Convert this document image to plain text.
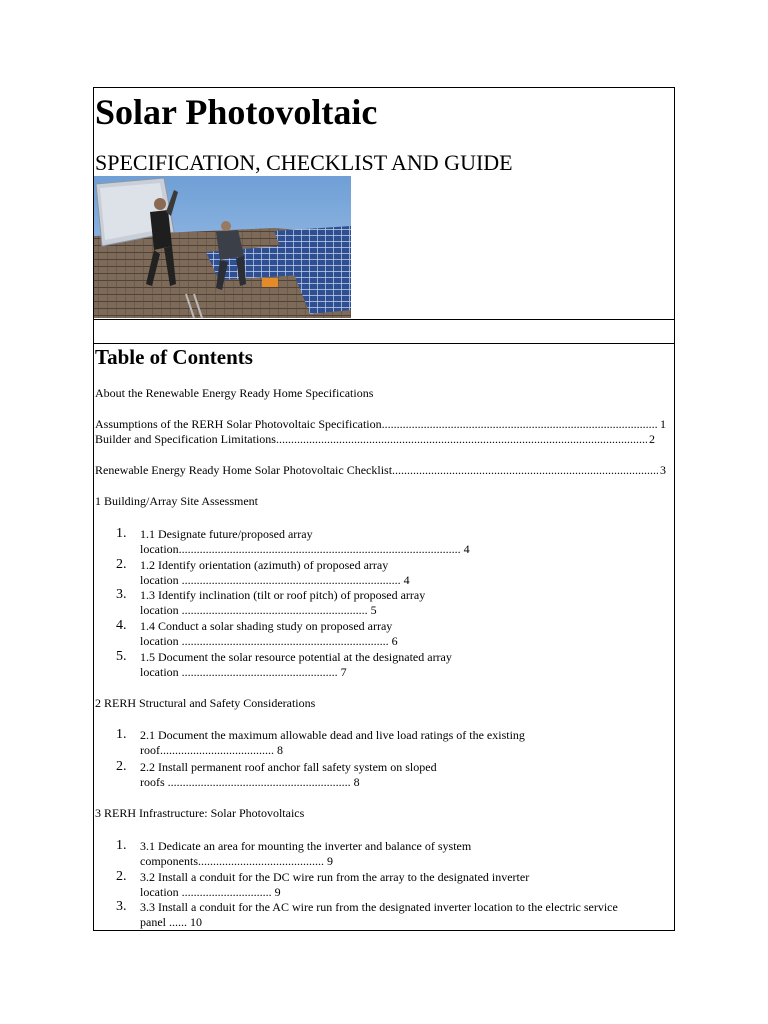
Solar Photovoltaic
SPECIFICATION, CHECKLIST AND GUIDE
Table of Contents
About the Renewable Energy Ready Home Specifications
Assumptions of the RERH Solar Photovoltaic Specification .....	1
Builder and Specification Limitations .....	2
Renewable Energy Ready Home Solar Photovoltaic Checklist .....	3
1 Building/Array Site Assessment
1. 1.1 Designate future/proposed array
location.............................................................................................. 4
2. 1.2 Identify orientation (azimuth) of proposed array
location ......................................................................... 4
3. 1.3 Identify inclination (tilt or roof pitch) of proposed array
location .............................................................. 5
4. 1.4 Conduct a solar shading study on proposed array
location ..................................................................... 6
5. 1.5 Document the solar resource potential at the designated array
location .................................................... 7
2 RERH Structural and Safety Considerations
1. 2.1 Document the maximum allowable dead and live load ratings of the existing
roof...................................... 8
2. 2.2 Install permanent roof anchor fall safety system on sloped
roofs ............................................................. 8
3 RERH Infrastructure: Solar Photovoltaics
1. 3.1 Dedicate an area for mounting the inverter and balance of system
components.......................................... 9
2. 3.2 Install a conduit for the DC wire run from the array to the designated inverter
location .............................. 9
3. 3.3 Install a conduit for the AC wire run from the designated inverter location to the electric service
panel ...... 10
